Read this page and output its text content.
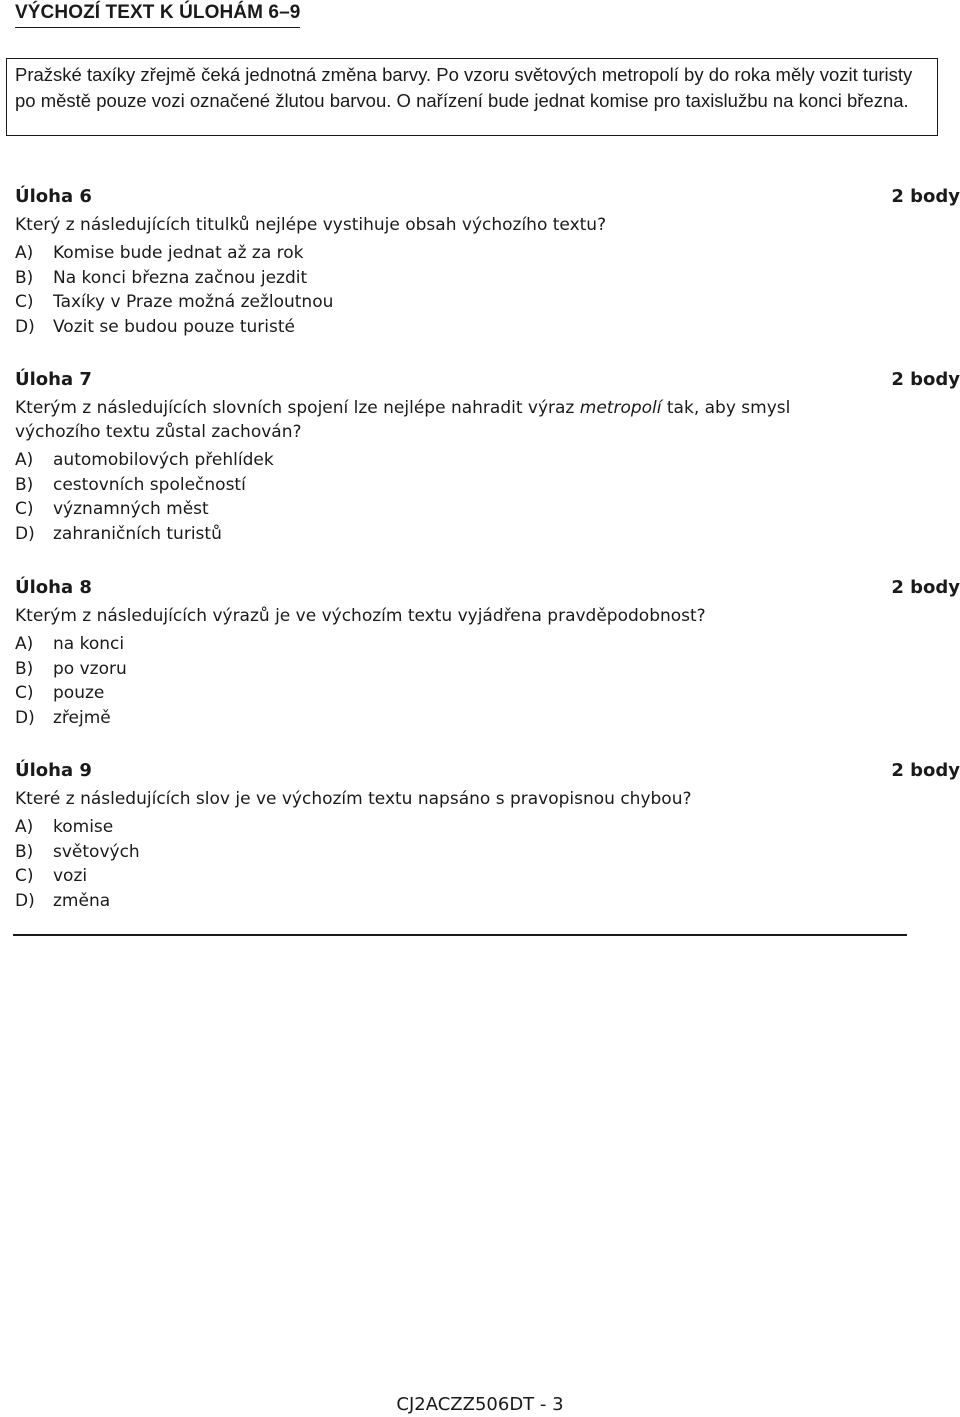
VÝCHOZÍ TEXT K ÚLOHÁM 6–9
Pražské taxíky zřejmě čeká jednotná změna barvy. Po vzoru světových metropolí by do roka měly vozit turisty po městě pouze vozi označené žlutou barvou. O nařízení bude jednat komise pro taxislužbu na konci března.
Úloha 6	2 body
Který z následujících titulků nejlépe vystihuje obsah výchozího textu?
A) Komise bude jednat až za rok
B) Na konci března začnou jezdit
C) Taxíky v Praze možná zežloutnou
D) Vozit se budou pouze turisté
Úloha 7	2 body
Kterým z následujících slovních spojení lze nejlépe nahradit výraz metropolí tak, aby smysl výchozího textu zůstal zachován?
A) automobilových přehlídek
B) cestovních společností
C) významných měst
D) zahraničních turistů
Úloha 8	2 body
Kterým z následujících výrazů je ve výchozím textu vyjádřena pravděpodobnost?
A) na konci
B) po vzoru
C) pouze
D) zřejmě
Úloha 9	2 body
Které z následujících slov je ve výchozím textu napsáno s pravopisnou chybou?
A) komise
B) světových
C) vozi
D) změna
CJ2ACZZ506DT - 3
